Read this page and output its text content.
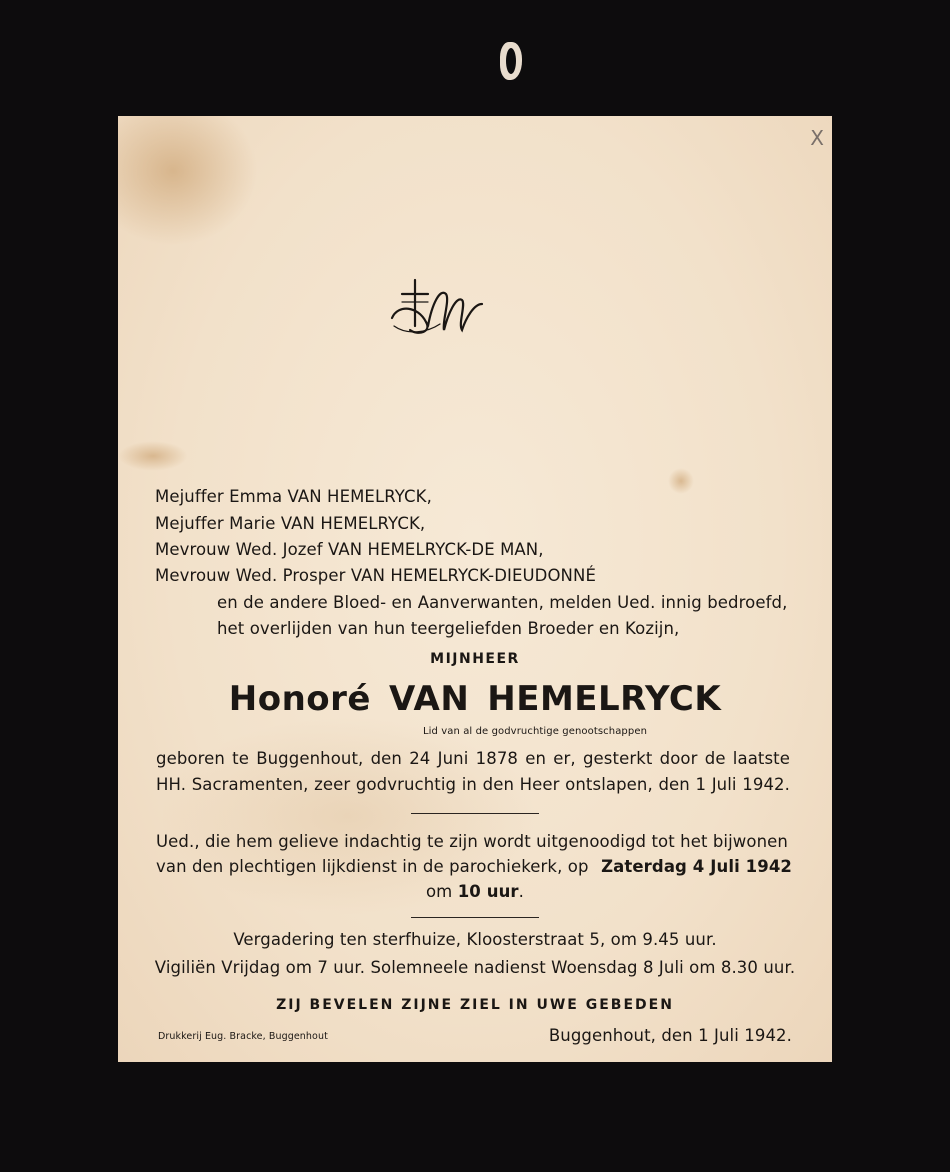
X
Mejuffer Emma VAN HEMELRYCK,
Mejuffer Marie VAN HEMELRYCK,
Mevrouw Wed. Jozef VAN HEMELRYCK-DE MAN,
Mevrouw Wed. Prosper VAN HEMELRYCK-DIEUDONNÉ
en de andere Bloed- en Aanverwanten, melden Ued. innig bedroefd,
het overlijden van hun teergeliefden Broeder en Kozijn,
MIJNHEER
Honoré VAN HEMELRYCK
Lid van al de godvruchtige genootschappen
geboren te Buggenhout, den 24 Juni 1878 en er, gesterkt door de laatste
HH. Sacramenten, zeer godvruchtig in den Heer ontslapen, den 1 Juli 1942.
Ued., die hem gelieve indachtig te zijn wordt uitgenoodigd tot het bijwonen
van den plechtigen lijkdienst in de parochiekerk, op Zaterdag 4 Juli 1942
om 10 uur.
Vergadering ten sterfhuize, Kloosterstraat 5, om 9.45 uur.
Vigiliën Vrijdag om 7 uur. Solemneele nadienst Woensdag 8 Juli om 8.30 uur.
ZIJ BEVELEN ZIJNE ZIEL IN UWE GEBEDEN
Drukkerij Eug. Bracke, Buggenhout	Buggenhout, den 1 Juli 1942.
